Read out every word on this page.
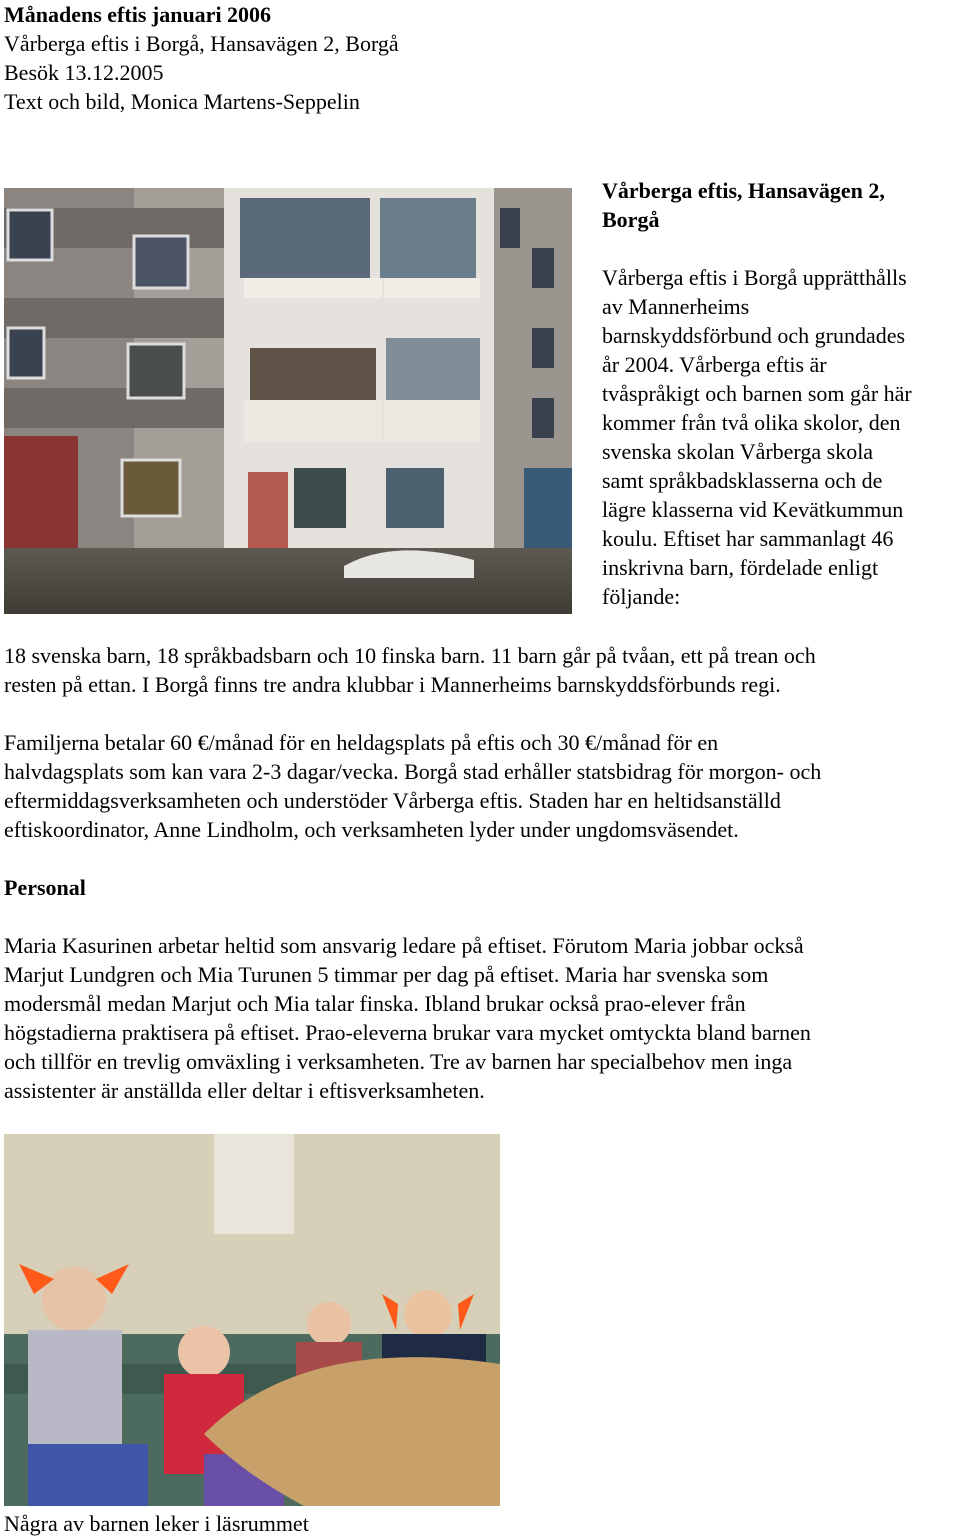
Månadens eftis januari 2006
Vårberga eftis i Borgå, Hansavägen 2, Borgå
Besök 13.12.2005
Text och bild, Monica Martens-Seppelin
Vårberga eftis, Hansavägen 2,
Borgå
Vårberga eftis i Borgå upprätthålls
av Mannerheims
barnskyddsförbund och grundades
år 2004. Vårberga eftis är
tvåspråkigt och barnen som går här
kommer från två olika skolor, den
svenska skolan Vårberga skola
samt språkbadsklasserna och de
lägre klasserna vid Kevätkummun
koulu. Eftiset har sammanlagt 46
inskrivna barn, fördelade enligt
följande:
18 svenska barn, 18 språkbadsbarn och 10 finska barn. 11 barn går på tvåan, ett på trean och
resten på ettan. I Borgå finns tre andra klubbar i Mannerheims barnskyddsförbunds regi.
Familjerna betalar 60 €/månad för en heldagsplats på eftis och 30 €/månad för en
halvdagsplats som kan vara 2-3 dagar/vecka. Borgå stad erhåller statsbidrag för morgon- och
eftermiddagsverksamheten och understöder Vårberga eftis. Staden har en heltidsanställd
eftiskoordinator, Anne Lindholm, och verksamheten lyder under ungdomsväsendet.
Personal
Maria Kasurinen arbetar heltid som ansvarig ledare på eftiset. Förutom Maria jobbar också
Marjut Lundgren och Mia Turunen 5 timmar per dag på eftiset. Maria har svenska som
modersmål medan Marjut och Mia talar finska. Ibland brukar också prao-elever från
högstadierna praktisera på eftiset. Prao-eleverna brukar vara mycket omtyckta bland barnen
och tillför en trevlig omväxling i verksamheten. Tre av barnen har specialbehov men inga
assistenter är anställda eller deltar i eftisverksamheten.
Några av barnen leker i läsrummet
